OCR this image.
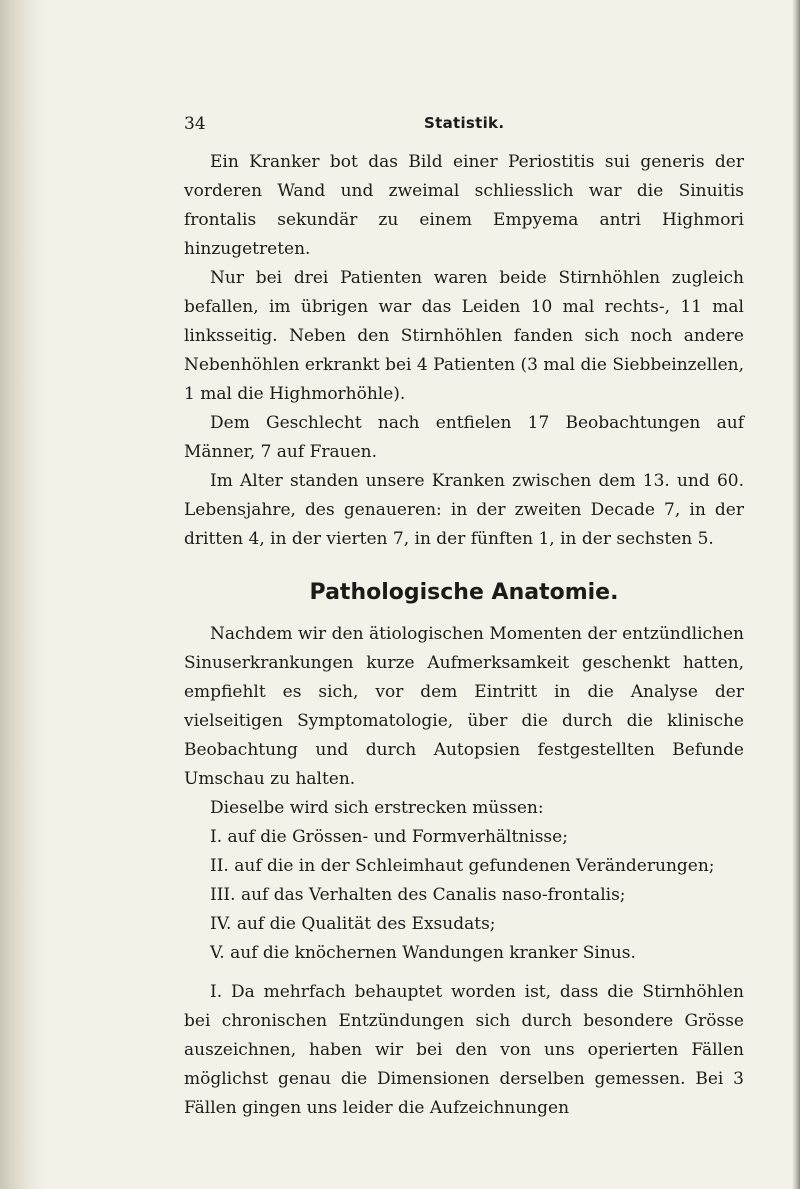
34	Statistik.

Ein Kranker bot das Bild einer Periostitis sui generis der vorderen Wand und zweimal schliesslich war die Sinuitis frontalis sekundär zu einem Empyema antri Highmori hinzugetreten.

Nur bei drei Patienten waren beide Stirnhöhlen zugleich befallen, im übrigen war das Leiden 10 mal rechts-, 11 mal linksseitig. Neben den Stirnhöhlen fanden sich noch andere Nebenhöhlen erkrankt bei 4 Patienten (3 mal die Siebbeinzellen, 1 mal die Highmorhöhle).

Dem Geschlecht nach entfielen 17 Beobachtungen auf Männer, 7 auf Frauen.

Im Alter standen unsere Kranken zwischen dem 13. und 60. Lebensjahre, des genaueren: in der zweiten Decade 7, in der dritten 4, in der vierten 7, in der fünften 1, in der sechsten 5.

Pathologische Anatomie.

Nachdem wir den ätiologischen Momenten der entzündlichen Sinuserkrankungen kurze Aufmerksamkeit geschenkt hatten, empfiehlt es sich, vor dem Eintritt in die Analyse der vielseitigen Symptomatologie, über die durch die klinische Beobachtung und durch Autopsien festgestellten Befunde Umschau zu halten.

Dieselbe wird sich erstrecken müssen:

I. auf die Grössen- und Formverhältnisse;
II. auf die in der Schleimhaut gefundenen Veränderungen;
III. auf das Verhalten des Canalis naso-frontalis;
IV. auf die Qualität des Exsudats;
V. auf die knöchernen Wandungen kranker Sinus.

I. Da mehrfach behauptet worden ist, dass die Stirnhöhlen bei chronischen Entzündungen sich durch besondere Grösse auszeichnen, haben wir bei den von uns operierten Fällen möglichst genau die Dimensionen derselben gemessen. Bei 3 Fällen gingen uns leider die Aufzeichnungen
